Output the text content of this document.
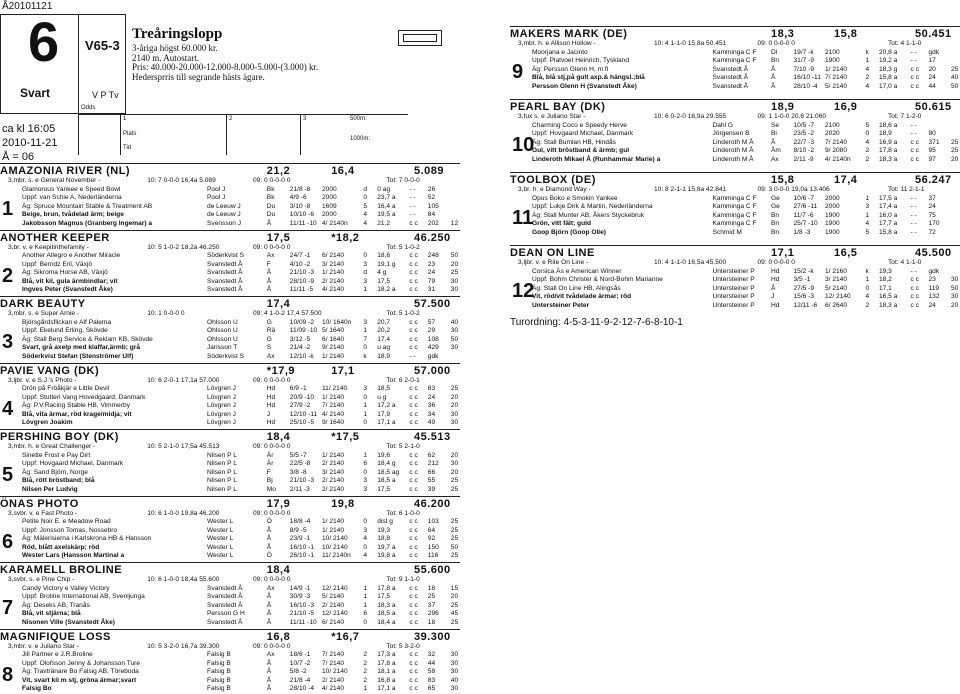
Å20101121
6
Svart
V65-3
V P Tv
ca kl 16:05
2010-11-21
Å = 06
Treåringslopp
3-åriga högst 60.000 kr.
2140 m. Autostart.
Pris: 40.000-20.000-12.000-8.000-5.000-(3.000) kr.
Hedersprris till segrande hästs ägare.
Odds
1
Plats
Tid
2	3	500m:
1000m:
AMAZONIA RIVER (NL)	21,2	16,4	5.089
1
3,mbr. s. e General November -	10: 7 0-0-0 16,4a 5.089	09: 0 0-0-0 0	Tot: 7 0-0-0
Glamorous Yankee e Speed Bowl	Pool J	Bk 21/8 -8 2000	d 0 ag	- - 26
Uppf: van Schie A, Nederländerna	Pool J	Bk 4/9 -6 2000	0 23,7 a - - 52
Äg: Spruce Mountain Stable & Treatment AB	de Leeuw J	Du 3/10 -8 1609	5 16,4 a - - 105
Beige, brun, tvådelad ärm; beige	de Leeuw J	Du 10/10 -6 2000	4 19,5 a - - 84
Jakobsson Magnus (Granberg Ingemar) a	Svensson J	Å	11/11 -10 4/ 2140n 4 21,2	c c 202 12
ANOTHER KEEPER	17,5	*18,2	46.250
2
3,br. v. e Keepitinthefamily -	10: 5 1-0-2 18,2a 46.250	09: 0 0-0-0 0	Tot: 5 1-0-2
Another Allegro e Another Miracle	Söderkvist S	Ax 24/7 -1 6/ 2140	0 18,6	c c 248 50
Uppf: Berndz Eril, Växjö	Svanstedt Å	F	4/10 -2 3/ 2140	3 19,1 g c c 23 20
Äg: Sikroma Horse AB, Växjö	Svanstedt Å	Å	21/10 -3 1/ 2140	d 4 g	c c 24 25
Blå, vit kil, gula ärmbindlar; vit	Svanstedt Å	Å	28/10 -9 2/ 2140	3 17,5	c c 79 30
Ingves Peter (Svanstedt Åke)	Svanstedt Å	Å	11/11 -5 4/ 2140	1 18,2 a c c 31 30
DARK BEAUTY	17,4	57.500
3
3,mbr. s. e Super Arnie -	10: 1 0-0-0 0	09: 4 1-0-2 17,4 57.500	Tot: 5 1-0-2
Björsgårdsflickan e Alf Palema	Ohlsson U	G	10/09 -2 10/ 1640n 3 20,7	c c 57 40
Uppf: Ekelund Erling, Skövde	Ohlsson U	Rä 11/09 -10 5/ 1640	1 20,2	c c 29 30
Äg: Stall Berg Service & Reklam KB, Skövde	Ohlsson U	G	3/12 -5 6/ 1640	7 17,4	c c 108 50
Svart, grå axelp med klaffar,ärmb; grå	Jansson T	S	21/4 -2 9/ 2140	0 u ag	c c 429 30
Söderkvist Stefan (Stenströmer Ulf)	Söderkvist S	Ax 12/10 -k 1/ 2140	k 18,9	- - gdk
PAVIE VANG (DK)	*17,9	17,1	57.000
4
3,ljbr. v. e S.J.'s Photo -	10: 6 2-0-1 17,1a 57.000	09: 0 0-0-0 0	Tot: 6 2-0-1
Drön på Fröåkjär e Little Devil	Lövgren J	Hd 6/9 -1 11/ 2140 3 18,5	c c 83 25
Uppf: Stutteri Vang Hovedgaard, Danmark	Lövgren J	Hd 20/9 -10 1/ 2140	0 u g	c c 24 20
Äg: P.V.Racing Stable HB, Vimmerby	Lövgren J	Hd 27/9 -2 7/ 2140	1 17,2 a c c 36 20
Blå, vita ärmar, röd krage/midja; vit	Lövgren J	J	12/10 -11 4/ 2140	1 17,9	c c 34 30
Lövgren Joakim	Lövgren J	Hd 25/10 -5 9/ 1640	0 17,1 a c c 49 30
PERSHING BOY (DK)	18,4	*17,5	45.513
5
3,mbr. h. e Great Challenger -	10: 5 2-1-0 17,5a 45.513	09: 0 0-0-0 0	Tot: 5 2-1-0
Sinette Frost e Pay Dirt	Nilsen P L	Är 5/5 -7 1/ 2140	1 19,6	c c 62 20
Uppf: Hovgaard Michael, Danmark	Nilsen P L	Är 22/5 -8 2/ 2140	6 18,4 g c c 212 30
Äg: Sand Björn, Norge	Nilsen P L	F	3/8 -8 3/ 2140	0 18,5 ag c c 66 20
Blå, rött bröstband; blå	Nilsen P L	Bj	21/10 -3 2/ 2140	3 18,5 a c c 55 25
Nilsen Per Ludvig	Nilsen P L	Mo 2/11 -3 2/ 2140	3 17,5	c c 39 25
ÖNAS PHOTO	17,9	19,8	46.200
6
3,svbr. v. e Fast Photo -	10: 6 1-0-0 19,8a 46.200	09: 0 0-0-0 0	Tot: 6 1-0-0
Petite Noir E. e Meadow Road	Wester L	Ö	18/8 -4 1/ 2140	0 dist g c c 103 25
Uppf: Jonsson Tomas, Nossebro	Wester L	Å	8/9 -5 1/ 2140	3 19,3	c c 64 25
Äg: Mälerisierna i Karlskrona HB & Hansson	Wester L	Å	23/9 -1 10/ 2140 4 18,8	c c 92 25
Röd, blått axelskärp; röd	Wester L	Å	16/10 -1 10/ 2140 0 19,7 a c c 150 50
Wester Lars (Hansson Martinal a	Wester L	Ö	26/10 -1 11/ 2140n 4 19,8 a c c 116 25
KARAMELL BROLINE	18,4	55.600
7
3,svbr. s. e Pine Chip -	10: 6 1-0-0 18,4a 55.600	09: 0 0-0-0 0	Tot: 9 1-1-0
Candy Victory e Valley Victory	Svanstedt Å	Ax 14/9 -1 12/ 2140 1 17,8 a c c 18 15
Uppf: Broline International AB, Svenljunga	Svanstedt Å	Å	30/9 -3 5/ 2140	1 17,5	c c 25 20
Äg: Deseks AB, Tranås	Svanstedt Å	Å	16/10 -3 2/ 2140	1 18,3 a c c 37 25
Blå, vit stjärna; blå	Persson G H	Å	21/10 -5 12/ 2140 6 18,5 a c c 296 45
Nisonen Ville (Svanstedt Åke)	Svanstedt Å	Å	11/11 -10 6/ 2140	0 18,4 a c c 18 25
MAGNIFIQUE LOSS	16,8	*16,7	39.300
8
3,mbr. v. e Juliano Star -	10: 5 3-2-0 16,7a 39.300	09: 0 0-0-0 0	Tot: 5 3-2-0
Jill Partner e J.R.Broline	Falsig B	Ax 18/6 -1 7/ 2140	2 17,3 a c c 32 30
Uppf: Olofsson Jenny & Johansson Ture	Falsig B	Å	10/7 -2 7/ 2140	2 17,8 a c c 44 30
Äg: Travtränare Bo Falsig AB, Töreboda	Falsig B	Å	5/8 -2 10/ 2140 2 18,1 a c c 58 30
Vit, svart kil m stj, gröna ärmar;svart	Falsig B	Å	21/8 -4 2/ 2140	2 16,8 a c c 83 40
Falsig Bo	Falsig B	Å	28/10 -4 4/ 2140	1 17,1 a c c 65 30
MAKERS MARK (DE)	18,3	15,8	50.451
9
3,mbr. h. e Allison Hollow -	10: 4 1-1-0 15,8a 50.451	09: 0 0-0-0 0	Tot: 4 1-1-0
Moorjana e Jacinto	Kamminga C F Dl 19/7 -k 2100	k 20,8 a - - gdk
Uppf: Platvoet Heinrich, Tyskland	Kamminga C F Bn 31/7 -9 1900	1 19,2 a - - 17
Äg: Persson Glenn H, m fl	Svanstedt Å	Å	7/10 -9 1/ 2140	4 18,3 g c c 20 25
Blå, blå stj,på gult axp.& hängsl.;blå	Svanstedt Å	Å	16/10 -11 7/ 2140	2 15,8 a c c 24 40
Persson Glenn H (Svanstedt Åke)	Svanstedt Å	Å	28/10 -4 5/ 2140	4 17,0 a c c 44 50
PEARL BAY (DK)	18,9	16,9	50.615
10
3,fux s. e Juliano Star -	10: 6 0-2-0 16,9a 29.555	09: 1 1-0-0 20,6 21.060	Tot: 7 1-2-0
Charming Coco e Speedy Herve	Dahl G	Se 10/5 -7 2100	5 18,6 a - -
Uppf: Hovgaard Michael, Danmark	Jörgensen B	Bi	23/5 -2 2020	0 18,9	- - 80
Äg: Stall Bumlan HB, Hindås	Linderoth M Å	Å	22/7 -3 7/ 2140	4 16,9 a c c 371 25
Gul, vitt bröstband & ärmb; gul	Linderoth M Å	Åm 8/10 -2 9/ 2080	2 17,8 a c c 95 25
Linderoth Mikael Å (Runhammar Marie) a	Linderoth M Å	Ax 2/11 -9 4/ 2140n 2 18,3 a c c 97 20
TOOLBOX (DE)	15,8	17,4	56.247
11
3,br. h. e Diamond Way -	10: 8 2-1-1 15,8a 42.841	09: 3 0-0-0 19,0a 13.406	Tot: 11 2-1-1
Opus Boko e Smokin Yankee	Kamminga C F Ge 10/6 -7 2000	1 17,5 a - - 37
Uppf: Lukje Dirk & Martin, Nederländerna	Kamminga C F Ge 27/6 -11 2000	3 17,4 a - - 24
Äg: Stall Munter AB, Åkers Styckebruk	Kamminga C F Bn 11/7 -6 1900	1 16,0 a - - 75
Grön, vitt fält; guld	Kamminga C F Bn 25/7 -10 1900	4 17,7 a - - 170
Goop Björn (Goop Olle)	Schmid M	Bn 1/8 -3 1900	5 15,8 a - - 72
DEAN ON LINE	17,1	16,5	45.500
12
3,ljbr. v. e Rite On Line -	10: 4 1-1-0 16,5a 45.500	09: 0 0-0-0 0	Tot: 4 1-1-0
Corsica Äs e American Winner	Untersteiner P Hd 15/2 -k 1/ 2160	k 19,3	- - gdk
Uppf: Bohm Christer & Nord-Bohm Marianne	Untersteiner P Hd 3/5 -1 3/ 2140	1 18,2	c c 23 30
Äg: Stall On Line HB, Alingsås	Untersteiner P Å	27/5 -9 5/ 2140	0 17,1	c c 119 50
Vit, röd/vit tvådelade ärmar; röd	Untersteiner P J	15/6 -3 12/ 2140 4 16,5 a c c 132 30
Untersteiner Peter	Untersteiner P Hd 12/11 -6 6/ 2640	2 18,3 a c c 24 20
Turordning: 4-5-3-11-9-2-12-7-6-8-10-1
